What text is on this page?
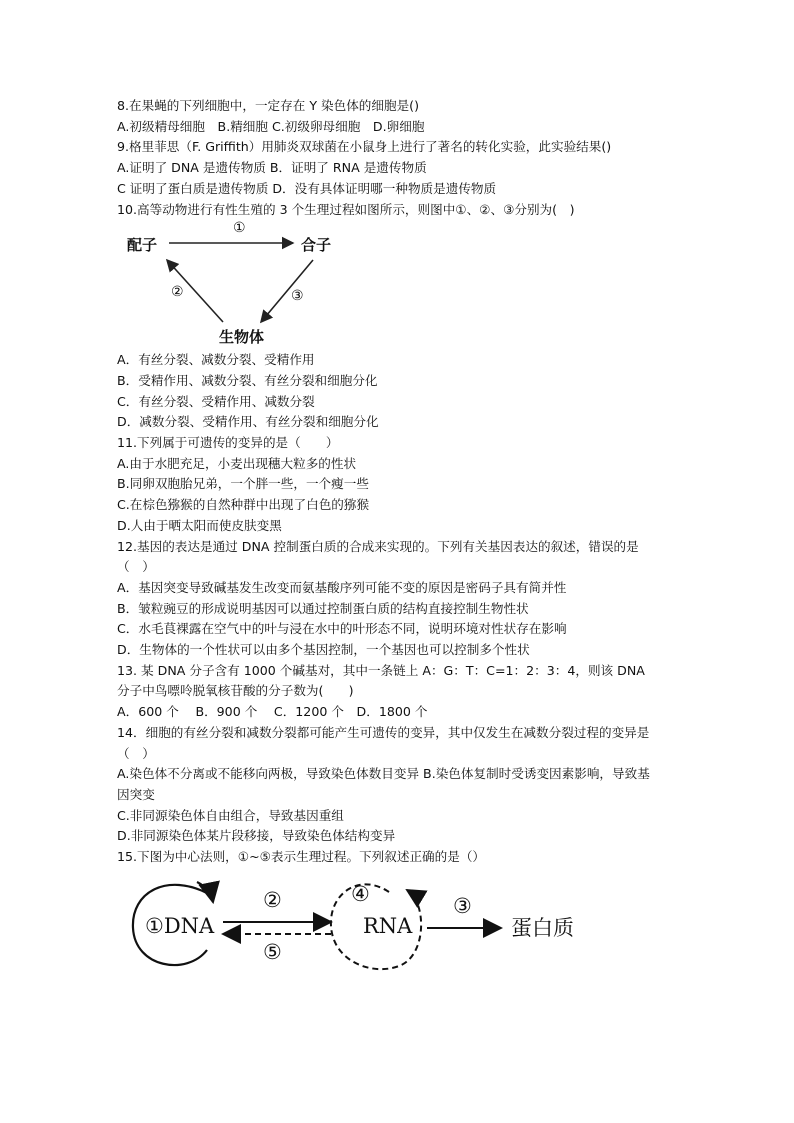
8.在果蝇的下列细胞中，一定存在 Y 染色体的细胞是()
A.初级精母细胞　B.精细胞 C.初级卵母细胞　D.卵细胞
9.格里菲思（F. Griffith）用肺炎双球菌在小鼠身上进行了著名的转化实验，此实验结果()
A.证明了 DNA 是遗传物质 B．证明了 RNA 是遗传物质
C 证明了蛋白质是遗传物质 D．没有具体证明哪一种物质是遗传物质
10.高等动物进行有性生殖的 3 个生理过程如图所示，则图中①、②、③分别为(　)
配子	合子
生物体
①
②	③
A．有丝分裂、减数分裂、受精作用
B．受精作用、减数分裂、有丝分裂和细胞分化
C．有丝分裂、受精作用、减数分裂
D．减数分裂、受精作用、有丝分裂和细胞分化
11.下列属于可遗传的变异的是（　　）
A.由于水肥充足，小麦出现穗大粒多的性状
B.同卵双胞胎兄弟，一个胖一些，一个瘦一些
C.在棕色猕猴的自然种群中出现了白色的猕猴
D.人由于晒太阳而使皮肤变黑
12.基因的表达是通过 DNA 控制蛋白质的合成来实现的。下列有关基因表达的叙述，错误的是
（　）
A．基因突变导致碱基发生改变而氨基酸序列可能不变的原因是密码子具有简并性
B．皱粒豌豆的形成说明基因可以通过控制蛋白质的结构直接控制生物性状
C．水毛茛裸露在空气中的叶与浸在水中的叶形态不同，说明环境对性状存在影响
D．生物体的一个性状可以由多个基因控制，一个基因也可以控制多个性状
13. 某 DNA 分子含有 1000 个碱基对，其中一条链上 A：G：T：C=1：2：3：4，则该 DNA
分子中鸟嘌呤脱氧核苷酸的分子数为(　　)
A．600 个　 B．900 个　 C．1200 个　D．1800 个
14．细胞的有丝分裂和减数分裂都可能产生可遗传的变异，其中仅发生在减数分裂过程的变异是
（　）
A.染色体不分离或不能移向两极，导致染色体数目变异 B.染色体复制时受诱变因素影响，导致基
因突变
C.非同源染色体自由组合，导致基因重组
D.非同源染色体某片段移接，导致染色体结构变异
15.下图为中心法则，①~⑤表示生理过程。下列叙述正确的是（）
①DNA	RNA	蛋白质
②
⑤
④	③
